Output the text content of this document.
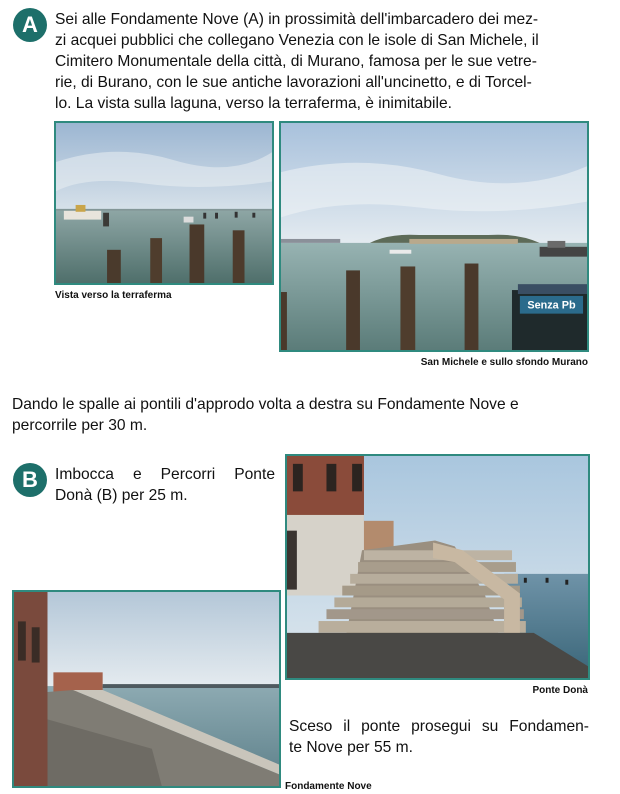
A	Sei alle Fondamente Nove (A) in prossimità dell'imbarcadero dei mez-
zi acquei pubblici che collegano Venezia con le isole di San Michele, il
Cimitero Monumentale della città, di Murano, famosa per le sue vetre-
rie, di Burano, con le sue antiche lavorazioni all'uncinetto, e di Torcel-
lo. La vista sulla laguna, verso la terraferma, è inimitabile.
Vista verso la terraferma
Senza Pb
San Michele e sullo sfondo Murano
Dando le spalle ai pontili d'approdo volta a destra su Fondamente Nove e
percorrile per 30 m.
B	Imbocca e Percorri Ponte
Donà (B) per 25 m.
Ponte Donà
Sceso il ponte prosegui su Fondamen-
te Nove per 55 m.
Fondamente Nove
